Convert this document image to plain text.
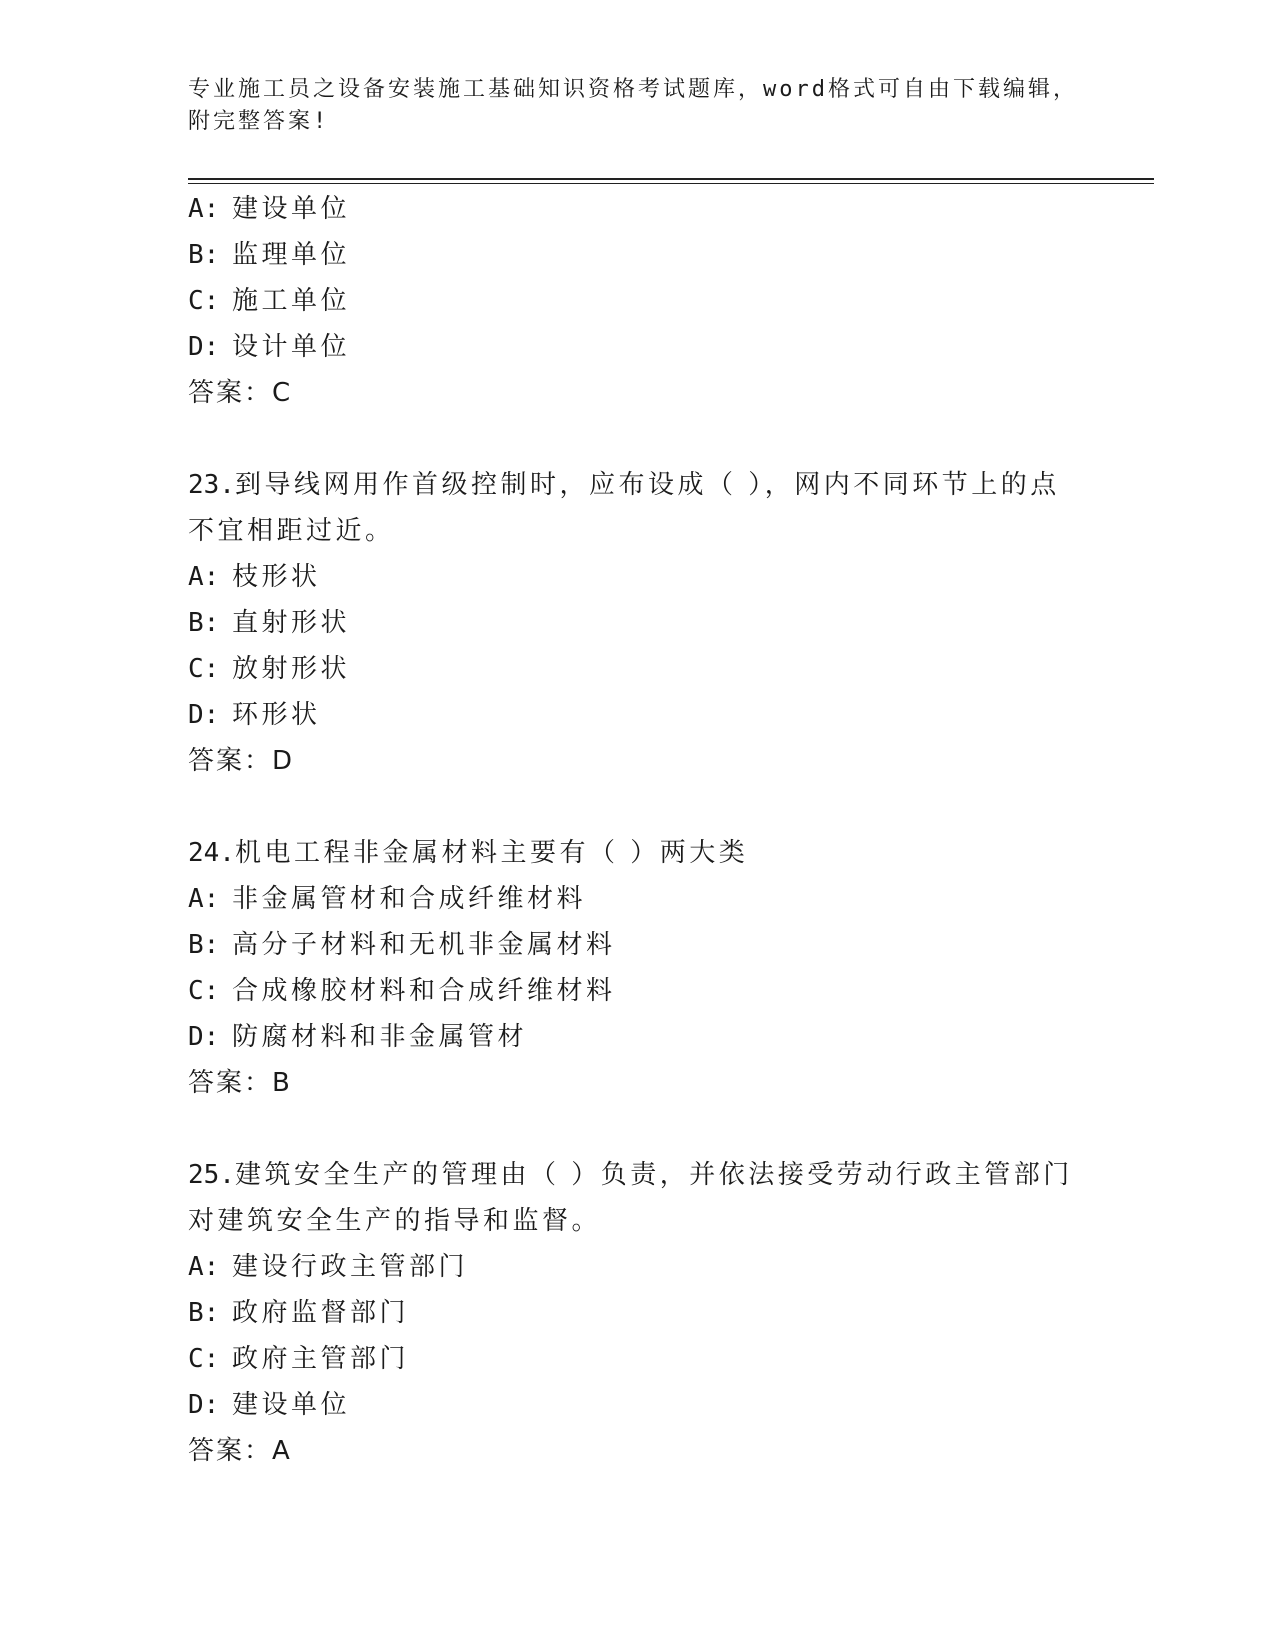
专业施工员之设备安装施工基础知识资格考试题库，word格式可自由下载编辑，
附完整答案!
A: 建设单位
B: 监理单位
C: 施工单位
D: 设计单位
答案：C
23.到导线网用作首级控制时，应布设成（ ），网内不同环节上的点
不宜相距过近。
A: 枝形状
B: 直射形状
C: 放射形状
D: 环形状
答案：D
24.机电工程非金属材料主要有（ ）两大类
A: 非金属管材和合成纤维材料
B: 高分子材料和无机非金属材料
C: 合成橡胶材料和合成纤维材料
D: 防腐材料和非金属管材
答案：B
25.建筑安全生产的管理由（ ）负责，并依法接受劳动行政主管部门
对建筑安全生产的指导和监督。
A: 建设行政主管部门
B: 政府监督部门
C: 政府主管部门
D: 建设单位
答案：A
